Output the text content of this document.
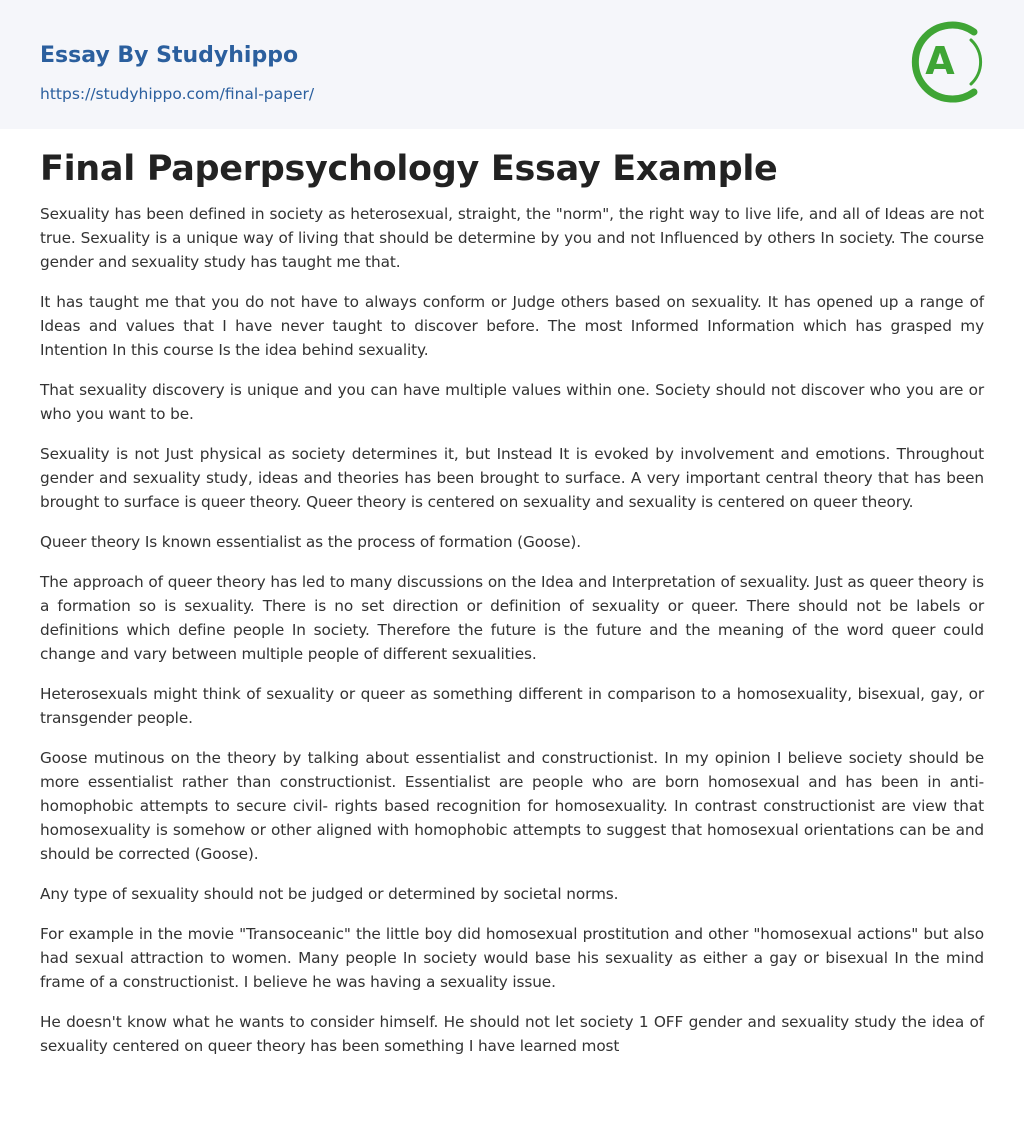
Essay By Studyhippo
https://studyhippo.com/final-paper/
A
Final Paperpsychology Essay Example

Sexuality has been defined in society as heterosexual, straight, the "norm", the right way to live life, and all of Ideas are not true. Sexuality is a unique way of living that should be determine by you and not Influenced by others In society. The course gender and sexuality study has taught me that.

It has taught me that you do not have to always conform or Judge others based on sexuality. It has opened up a range of Ideas and values that I have never taught to discover before. The most Informed Information which has grasped my Intention In this course Is the idea behind sexuality.

That sexuality discovery is unique and you can have multiple values within one. Society should not discover who you are or who you want to be.

Sexuality is not Just physical as society determines it, but Instead It is evoked by involvement and emotions. Throughout gender and sexuality study, ideas and theories has been brought to surface. A very important central theory that has been brought to surface is queer theory. Queer theory is centered on sexuality and sexuality is centered on queer theory.

Queer theory Is known essentialist as the process of formation (Goose).

The approach of queer theory has led to many discussions on the Idea and Interpretation of sexuality. Just as queer theory is a formation so is sexuality. There is no set direction or definition of sexuality or queer. There should not be labels or definitions which define people In society. Therefore the future is the future and the meaning of the word queer could change and vary between multiple people of different sexualities.

Heterosexuals might think of sexuality or queer as something different in comparison to a homosexuality, bisexual, gay, or transgender people.

Goose mutinous on the theory by talking about essentialist and constructionist. In my opinion I believe society should be more essentialist rather than constructionist. Essentialist are people who are born homosexual and has been in anti- homophobic attempts to secure civil- rights based recognition for homosexuality. In contrast constructionist are view that homosexuality is somehow or other aligned with homophobic attempts to suggest that homosexual orientations can be and should be corrected (Goose).

Any type of sexuality should not be judged or determined by societal norms.

For example in the movie "Transoceanic" the little boy did homosexual prostitution and other "homosexual actions" but also had sexual attraction to women. Many people In society would base his sexuality as either a gay or bisexual In the mind frame of a constructionist. I believe he was having a sexuality issue.

He doesn't know what he wants to consider himself. He should not let society 1 OFF gender and sexuality study the idea of sexuality centered on queer theory has been something I have learned most
